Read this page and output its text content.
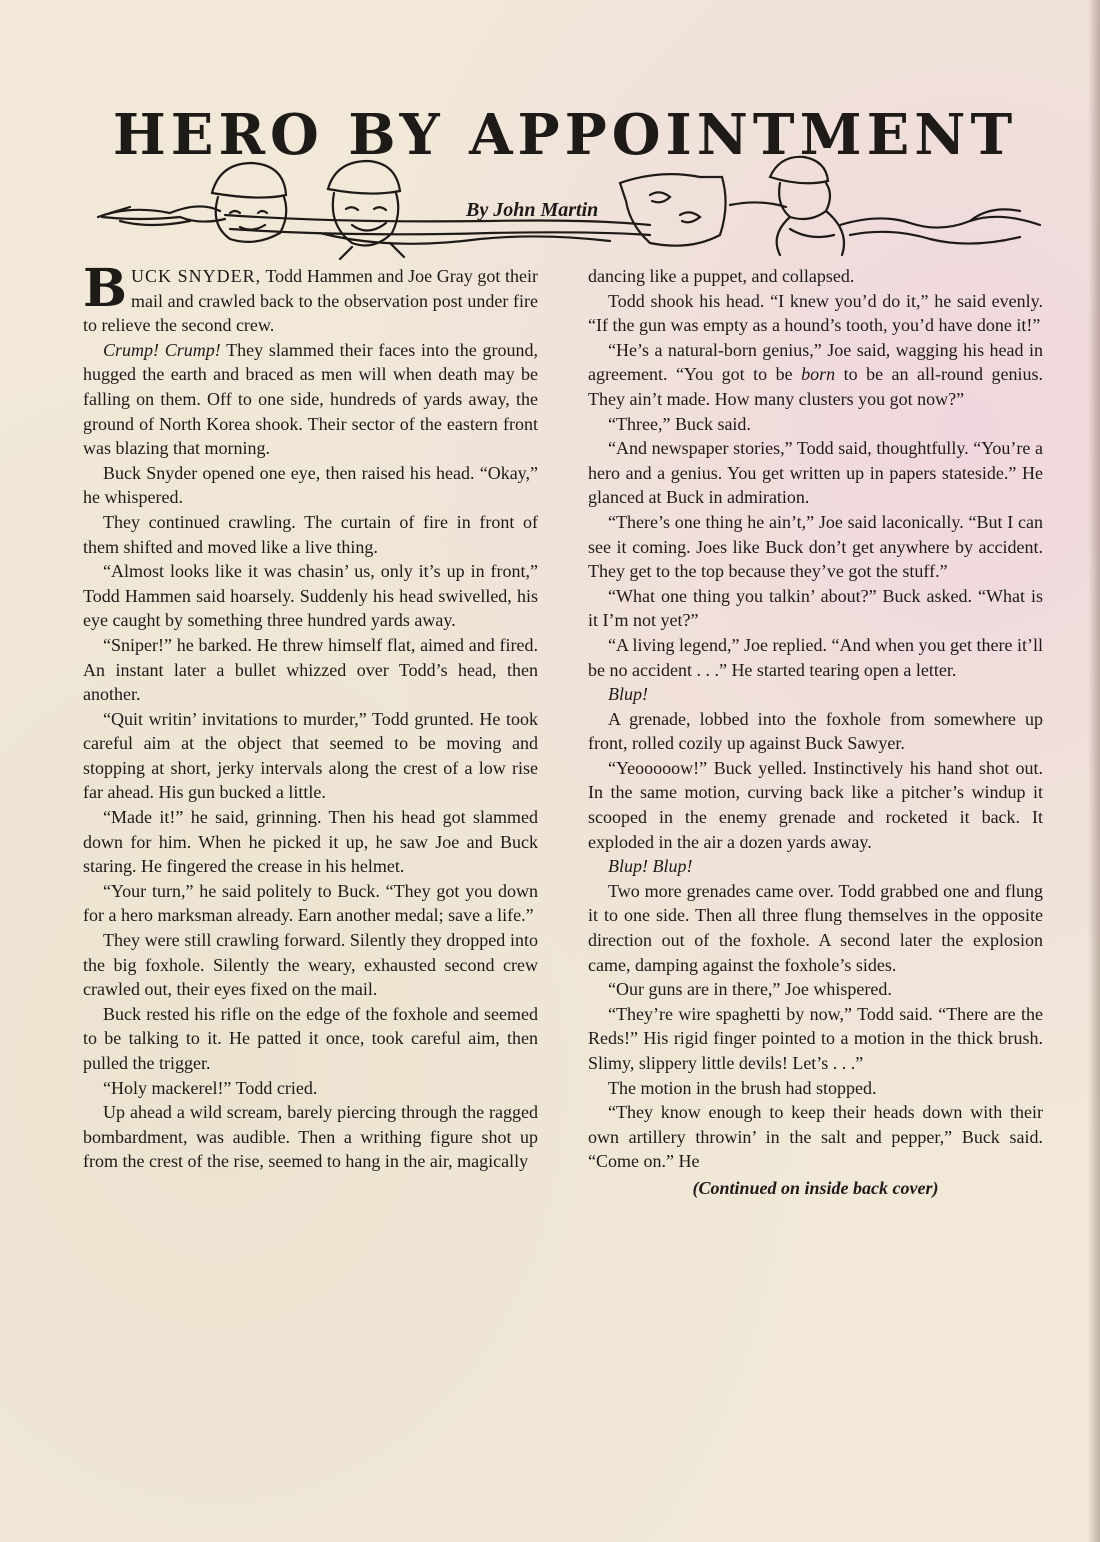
HERO BY APPOINTMENT
By John Martin

BUCK SNYDER, Todd Hammen and Joe Gray got their mail and crawled back to the observation post under fire to relieve the second crew.

Crump! Crump! They slammed their faces into the ground, hugged the earth and braced as men will when death may be falling on them. Off to one side, hundreds of yards away, the ground of North Korea shook. Their sector of the eastern front was blazing that morning.

Buck Snyder opened one eye, then raised his head. “Okay,” he whispered.

They continued crawling. The curtain of fire in front of them shifted and moved like a live thing.

“Almost looks like it was chasin’ us, only it’s up in front,” Todd Hammen said hoarsely. Suddenly his head swivelled, his eye caught by something three hundred yards away.

“Sniper!” he barked. He threw himself flat, aimed and fired. An instant later a bullet whizzed over Todd’s head, then another.

“Quit writin’ invitations to murder,” Todd grunted. He took careful aim at the object that seemed to be moving and stopping at short, jerky intervals along the crest of a low rise far ahead. His gun bucked a little.

“Made it!” he said, grinning. Then his head got slammed down for him. When he picked it up, he saw Joe and Buck staring. He fingered the crease in his helmet.

“Your turn,” he said politely to Buck. “They got you down for a hero marksman already. Earn another medal; save a life.”

They were still crawling forward. Silently they dropped into the big foxhole. Silently the weary, exhausted second crew crawled out, their eyes fixed on the mail.

Buck rested his rifle on the edge of the foxhole and seemed to be talking to it. He patted it once, took careful aim, then pulled the trigger.

“Holy mackerel!” Todd cried.

Up ahead a wild scream, barely piercing through the ragged bombardment, was audible. Then a writhing figure shot up from the crest of the rise, seemed to hang in the air, magically

dancing like a puppet, and collapsed.

Todd shook his head. “I knew you’d do it,” he said evenly. “If the gun was empty as a hound’s tooth, you’d have done it!”

“He’s a natural-born genius,” Joe said, wagging his head in agreement. “You got to be born to be an all-round genius. They ain’t made. How many clusters you got now?”

“Three,” Buck said.

“And newspaper stories,” Todd said, thoughtfully. “You’re a hero and a genius. You get written up in papers stateside.” He glanced at Buck in admiration.

“There’s one thing he ain’t,” Joe said laconically. “But I can see it coming. Joes like Buck don’t get anywhere by accident. They get to the top because they’ve got the stuff.”

“What one thing you talkin’ about?” Buck asked. “What is it I’m not yet?”

“A living legend,” Joe replied. “And when you get there it’ll be no accident . . .” He started tearing open a letter.

Blup!

A grenade, lobbed into the foxhole from somewhere up front, rolled cozily up against Buck Sawyer.

“Yeooooow!” Buck yelled. Instinctively his hand shot out. In the same motion, curving back like a pitcher’s windup it scooped in the enemy grenade and rocketed it back. It exploded in the air a dozen yards away.

Blup! Blup!

Two more grenades came over. Todd grabbed one and flung it to one side. Then all three flung themselves in the opposite direction out of the foxhole. A second later the explosion came, damping against the foxhole’s sides.

“Our guns are in there,” Joe whispered.

“They’re wire spaghetti by now,” Todd said. “There are the Reds!” His rigid finger pointed to a motion in the thick brush. Slimy, slippery little devils! Let’s . . .”

The motion in the brush had stopped.

“They know enough to keep their heads down with their own artillery throwin’ in the salt and pepper,” Buck said. “Come on.” He

(Continued on inside back cover)
